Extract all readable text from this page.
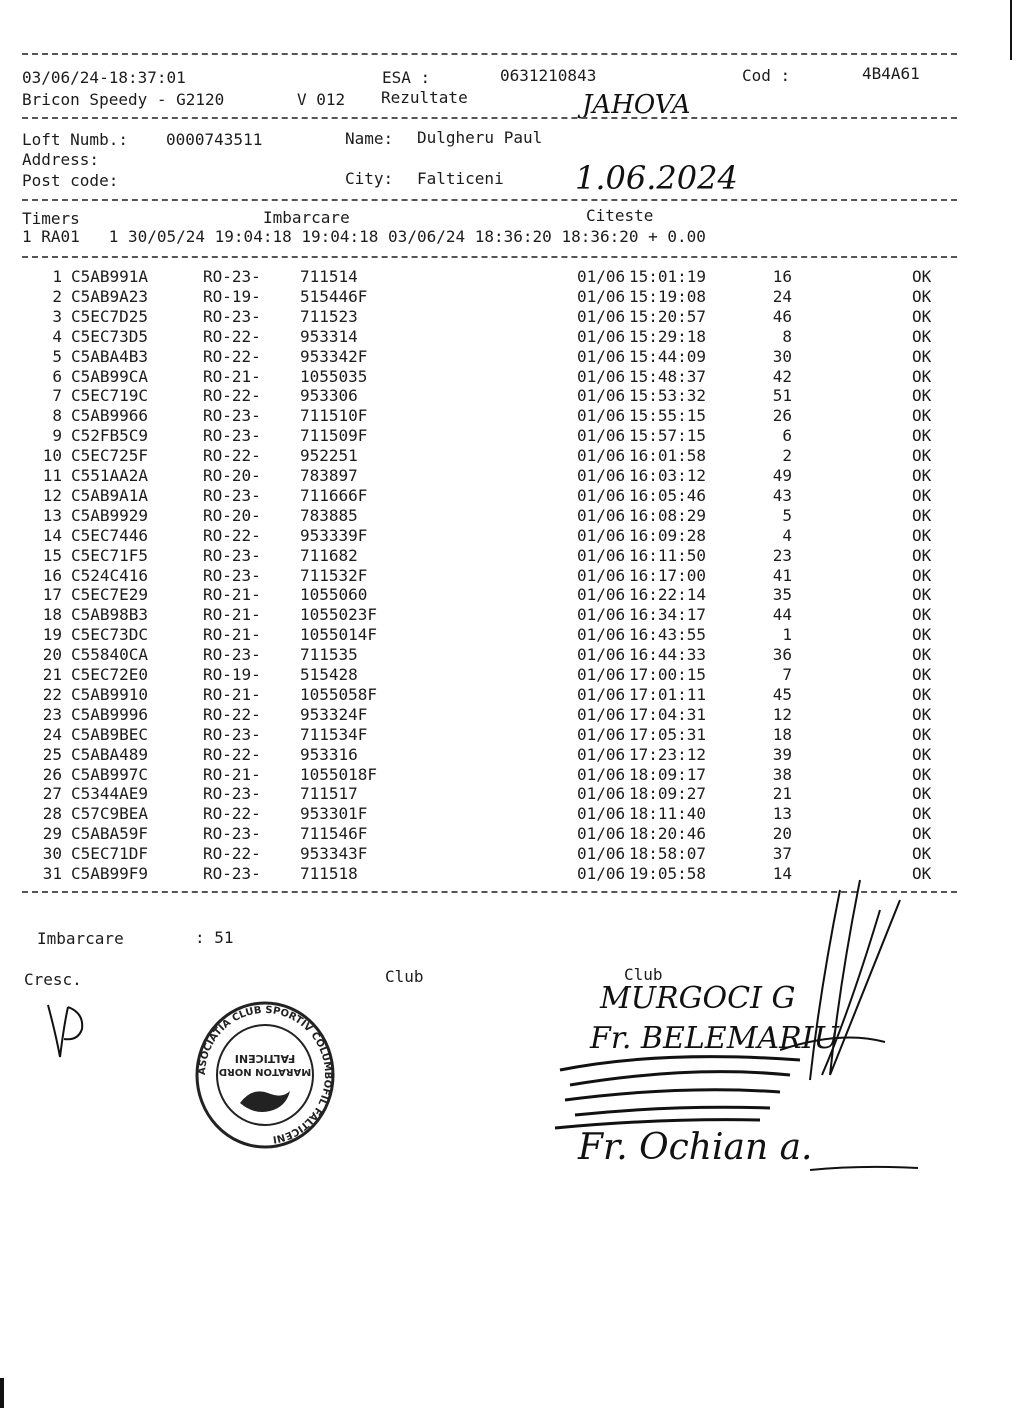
03/06/24-18:37:01	ESA :	0631210843	Cod :	4B4A61
Bricon Speedy - G2120	V 012 Rezultate	JAHOVA
Loft Numb.: 0000743511	Name: Dulgheru Paul
Address:
Post code:	City: Falticeni 1.06.2024
Timers	Imbarcare	Citeste
1 RA01   1 30/05/24 19:04:18 19:04:18 03/06/24 18:36:20 18:36:20 + 0.00
1 C5AB991A	RO-23- 711514	01/06 15:01:19	16	OK
2 C5AB9A23	RO-19- 515446F	01/06 15:19:08	24	OK
3 C5EC7D25	RO-23- 711523	01/06 15:20:57	46	OK
4 C5EC73D5	RO-22- 953314	01/06 15:29:18	8	OK
5 C5ABA4B3	RO-22- 953342F	01/06 15:44:09	30	OK
6 C5AB99CA	RO-21- 1055035	01/06 15:48:37	42	OK
7 C5EC719C	RO-22- 953306	01/06 15:53:32	51	OK
8 C5AB9966	RO-23- 711510F	01/06 15:55:15	26	OK
9 C52FB5C9	RO-23- 711509F	01/06 15:57:15	6	OK
10 C5EC725F	RO-22- 952251	01/06 16:01:58	2	OK
11 C551AA2A	RO-20- 783897	01/06 16:03:12	49	OK
12 C5AB9A1A	RO-23- 711666F	01/06 16:05:46	43	OK
13 C5AB9929	RO-20- 783885	01/06 16:08:29	5	OK
14 C5EC7446	RO-22- 953339F	01/06 16:09:28	4	OK
15 C5EC71F5	RO-23- 711682	01/06 16:11:50	23	OK
16 C524C416	RO-23- 711532F	01/06 16:17:00	41	OK
17 C5EC7E29	RO-21- 1055060	01/06 16:22:14	35	OK
18 C5AB98B3	RO-21- 1055023F	01/06 16:34:17	44	OK
19 C5EC73DC	RO-21- 1055014F	01/06 16:43:55	1	OK
20 C55840CA	RO-23- 711535	01/06 16:44:33	36	OK
21 C5EC72E0	RO-19- 515428	01/06 17:00:15	7	OK
22 C5AB9910	RO-21- 1055058F	01/06 17:01:11	45	OK
23 C5AB9996	RO-22- 953324F	01/06 17:04:31	12	OK
24 C5AB9BEC	RO-23- 711534F	01/06 17:05:31	18	OK
25 C5ABA489	RO-22- 953316	01/06 17:23:12	39	OK
26 C5AB997C	RO-21- 1055018F	01/06 18:09:17	38	OK
27 C5344AE9	RO-23- 711517	01/06 18:09:27	21	OK
28 C57C9BEA	RO-22- 953301F	01/06 18:11:40	13	OK
29 C5ABA59F	RO-23- 711546F	01/06 18:20:46	20	OK
30 C5EC71DF	RO-22- 953343F	01/06 18:58:07	37	OK
31 C5AB99F9	RO-23- 711518	01/06 19:05:58	14	OK
Imbarcare	: 51
Cresc.	Club	Club
ASOCIATIA CLUB SPORTIV COLUMBOFIL FALTICENI
FALTICENI
MARATON NORD
MURGOCI G
Fr. BELEMARIU
Fr. Ochian a.
